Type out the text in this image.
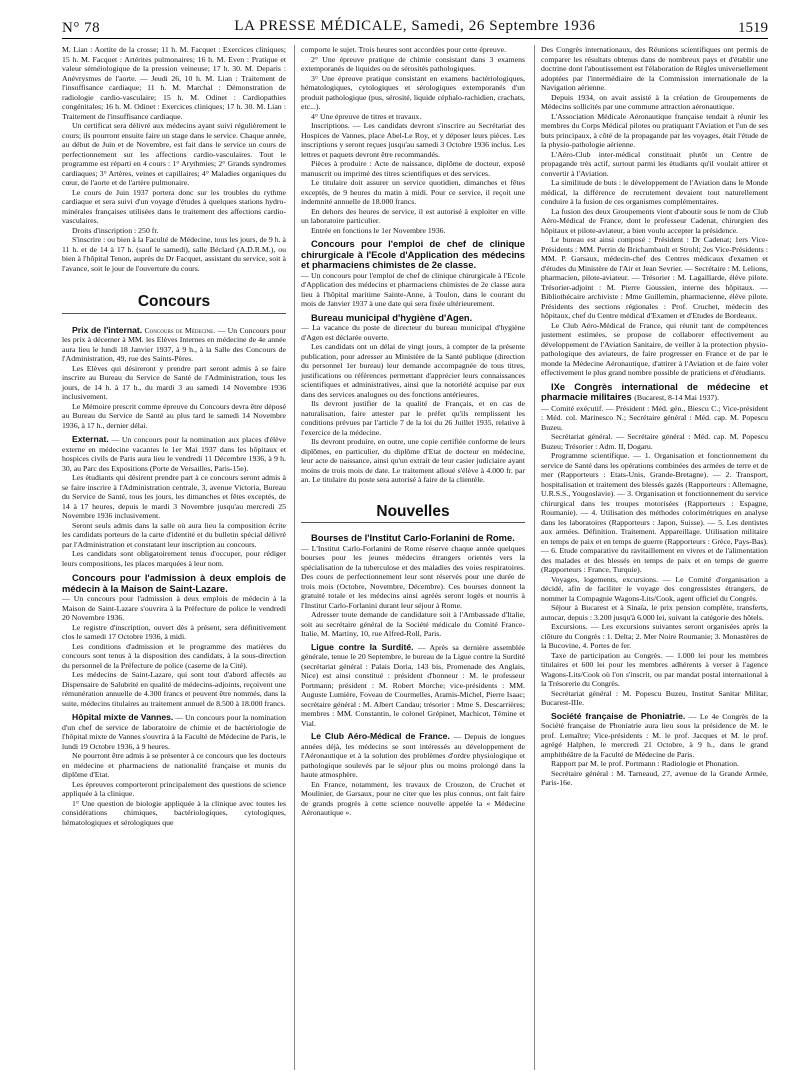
N° 78	LA PRESSE MÉDICALE, Samedi, 26 Septembre 1936	1519

M. Lian : Aortite de la crosse; 11 h. M. Facquet : Exercices cliniques; 15 h. M. Facquet : Artérites pulmonaires; 16 h. M. Even : Pratique et valeur séméiologique de la pression veineuse; 17 h. 30. M. Deparis : Anévrysmes de l'aorte. — Jeudi 26, 10 h. M. Lian : Traitement de l'insuffisance cardiaque; 11 h. M. Marchal : Démonstration de radiologie cardio-vasculaire; 15 h. M. Odinet : Cardiopathies congénitales; 16 h. M. Odinet : Exercices cliniques; 17 h. 30. M. Lian : Traitement de l'insuffisance cardiaque.

Un certificat sera délivré aux médecins ayant suivi régulièrement le cours; ils pourront ensuite faire un stage dans le service. Chaque année, au début de Juin et de Novembre, est fait dans le service un cours de perfectionnement sur les affections cardio-vasculaires. Tout le programme est réparti en 4 cours : 1° Arythmies; 2° Grands syndromes cardiaques; 3° Artères, veines et capillaires; 4° Maladies organiques du cœur, de l'aorte et de l'artère pulmonaire.

Le cours de Juin 1937 portera donc sur les troubles du rythme cardiaque et sera suivi d'un voyage d'études à quelques stations hydro-minérales françaises utilisées dans le traitement des affections cardio-vasculaires.

Droits d'inscription : 250 fr.

S'inscrire : ou bien à la Faculté de Médecine, tous les jours, de 9 h. à 11 h. et de 14 à 17 h. (sauf le samedi), salle Béclard (A.D.R.M.), ou bien à l'hôpital Tenon, auprès du Dr Facquet, assistant du service, soit à l'avance, soit le jour de l'ouverture du cours.

Concours

Prix de l'internat. Concours de Médecine. — Un Concours pour les prix à décerner à MM. les Elèves Internes en médecine de 4e année aura lieu le lundi 18 Janvier 1937, à 9 h., à la Salle des Concours de l'Administration, 49, rue des Saints-Pères.

Les Elèves qui désireront y prendre part seront admis à se faire inscrire au Bureau du Service de Santé de l'Administration, tous les jours, de 14 h. à 17 h., du mardi 3 au samedi 14 Novembre 1936 inclusivement.

Le Mémoire prescrit comme épreuve du Concours devra être déposé au Bureau du Service de Santé au plus tard le samedi 14 Novembre 1936, à 17 h., dernier délai.

Externat. — Un concours pour la nomination aux places d'élève externe en médecine vacantes le 1er Mai 1937 dans les hôpitaux et hospices civils de Paris aura lieu le vendredi 11 Décembre 1936, à 9 h. 30, au Parc des Expositions (Porte de Versailles, Paris-15e).

Les étudiants qui désirent prendre part à ce concours seront admis à se faire inscrire à l'Administration centrale, 3, avenue Victoria, Bureau du Service de Santé, tous les jours, les dimanches et fêtes exceptés, de 14 à 17 heures, depuis le mardi 3 Novembre jusqu'au mercredi 25 Novembre 1936 inclusivement.

Seront seuls admis dans la salle où aura lieu la composition écrite les candidats porteurs de la carte d'identité et du bulletin spécial délivré par l'Administration et constatant leur inscription au concours.

Les candidats sont obligatoirement tenus d'occuper, pour rédiger leurs compositions, les places marquées à leur nom.

Concours pour l'admission à deux emplois de médecin à la Maison de Saint-Lazare.

— Un concours pour l'admission à deux emplois de médecin à la Maison de Saint-Lazare s'ouvrira à la Préfecture de police le vendredi 20 Novembre 1936.

Le registre d'inscription, ouvert dès à présent, sera définitivement clos le samedi 17 Octobre 1936, à midi.

Les conditions d'admission et le programme des matières du concours sont tenus à la disposition des candidats, à la sous-direction du personnel de la Préfecture de police (caserne de la Cité).

Les médecins de Saint-Lazare, qui sont tout d'abord affectés au Dispensaire de Salubrité en qualité de médecins-adjoints, reçoivent une rémunération annuelle de 4.300 francs et peuvent être nommés, dans la suite, médecins titulaires au traitement annuel de 8.500 à 18.000 francs.

Hôpital mixte de Vannes. — Un concours pour la nomination d'un chef de service de laboratoire de chimie et de bactériologie de l'hôpital mixte de Vannes s'ouvrira à la Faculté de Médecine de Paris, le lundi 19 Octobre 1936, à 9 heures.

Ne pourront être admis à se présenter à ce concours que les docteurs en médecine et pharmaciens de nationalité française et munis du diplôme d'Etat.

Les épreuves comporteront principalement des questions de science appliquée à la clinique.

1° Une question de biologie appliquée à la clinique avec toutes les considérations chimiques, bactériologiques, cytologiques, hématologiques et sérologiques que

comporte le sujet. Trois heures sont accordées pour cette épreuve.

2° Une épreuve pratique de chimie consistant dans 3 examens extemporanés de liquides ou de sérosités pathologiques.

3° Une épreuve pratique consistant en examens bactériologiques, hématologiques, cytologiques et sérologiques extemporanés d'un produit pathologique (pus, sérosité, liquide céphalo-rachidien, crachats, etc...).

4° Une épreuve de titres et travaux.

Inscriptions. — Les candidats devront s'inscrire au Secrétariat des Hospices de Vannes, place Abel-Le Roy, et y déposer leurs pièces. Les inscriptions y seront reçues jusqu'au samedi 3 Octobre 1936 inclus. Les lettres et paquets devront être recommandés.

Pièces à produire : Acte de naissance, diplôme de docteur, exposé manuscrit ou imprimé des titres scientifiques et des services.

Le titulaire doit assurer un service quotidien, dimanches et fêtes exceptés, de 9 heures du matin à midi. Pour ce service, il reçoit une indemnité annuelle de 18.000 francs.

En dehors des heures de service, il est autorisé à exploiter en ville un laboratoire particulier.

Entrée en fonctions le 1er Novembre 1936.

Concours pour l'emploi de chef de clinique chirurgicale à l'Ecole d'Application des médecins et pharmaciens chimistes de 2e classe.

— Un concours pour l'emploi de chef de clinique chirurgicale à l'Ecole d'Application des médecins et pharmaciens chimistes de 2e classe aura lieu à l'hôpital maritime Sainte-Anne, à Toulon, dans le courant du mois de Janvier 1937 à une date qui sera fixée ultérieurement.

Bureau municipal d'hygiène d'Agen.

— La vacance du poste de directeur du bureau municipal d'hygiène d'Agen est déclarée ouverte.

Les candidats ont un délai de vingt jours, à compter de la présente publication, pour adresser au Ministère de la Santé publique (direction du personnel 1er bureau) leur demande accompagnée de tous titres, justifications ou références permettant d'apprécier leurs connaissances scientifiques et administratives, ainsi que la notoriété acquise par eux dans des services analogues ou des fonctions antérieures.

Ils devront justifier de la qualité de Français, et en cas de naturalisation, faire attester par le préfet qu'ils remplissent les conditions prévues par l'article 7 de la loi du 26 Juillet 1935, relative à l'exercice de la médecine.

Ils devront produire, en outre, une copie certifiée conforme de leurs diplômes, en particulier, du diplôme d'Etat de docteur en médecine, leur acte de naissance, ainsi qu'un extrait de leur casier judiciaire ayant moins de trois mois de date. Le traitement alloué s'élève à 4.000 fr. par an. Le titulaire du poste sera autorisé à faire de la clientèle.

Nouvelles

Bourses de l'Institut Carlo-Forlanini de Rome.

— L'Institut Carlo-Forlanini de Rome réserve chaque année quelques bourses pour les jeunes médecins étrangers orientés vers la spécialisation de la tuberculose et des maladies des voies respiratoires. Des cours de perfectionnement leur sont réservés pour une durée de trois mois (Octobre, Novembre, Décembre). Ces bourses donnent la gratuité totale et les médecins ainsi agréés seront logés et nourris à l'Institut Carlo-Forlanini durant leur séjour à Rome.

Adresser toute demande de candidature soit à l'Ambassade d'Italie, soit au secrétaire général de la Société médicale du Comité France-Italie, M. Martiny, 10, rue Alfred-Roll, Paris.

Ligue contre la Surdité. — Après sa dernière assemblée générale, tenue le 20 Septembre, le bureau de la Ligue contre la Surdité (secrétariat général : Palais Doria, 143 bis, Promenade des Anglais, Nice) est ainsi constitué : président d'honneur : M. le professeur Portmann; président : M. Robert Morche; vice-présidents : MM. Auguste Lumière, Foveau de Courmelles, Aramis-Michel, Pierre Isaac; secrétaire général : M. Albert Candau; trésorier : Mme S. Descarrières; membres : MM. Constantin, le colonel Grépinet, Machicot, Témine et Vial.

Le Club Aéro-Médical de France. — Depuis de longues années déjà, les médecins se sont intéressés au développement de l'Aéronautique et à la solution des problèmes d'ordre physiologique et pathologique soulevés par le séjour plus ou moins prolongé dans la haute atmosphère.

En France, notamment, les travaux de Crouzon, de Cruchet et Moulinier, de Garsaux, pour ne citer que les plus connus, ont fait faire de grands progrès à cette science nouvelle appelée la « Médecine Aéronautique ».

Des Congrès internationaux, des Réunions scientifiques ont permis de comparer les résultats obtenus dans de nombreux pays et d'établir une doctrine dont l'aboutissement est l'élaboration de Règles universellement adoptées par l'intermédiaire de la Commission internationale de la Navigation aérienne.

Depuis 1934, on avait assisté à la création de Groupements de Médecins sollicités par une commune attraction aéronautique.

L'Association Médicale Aéronautique française tendait à réunir les membres du Corps Médical pilotes ou pratiquant l'Aviation et l'un de ses buts principaux, à côté de la propagande par les voyages, était l'étude de la physio-pathologie aérienne.

L'Aéro-Club inter-médical constituait plutôt un Centre de propagande très actif, surtout parmi les étudiants qu'il voulait attirer et convertir à l'Aviation.

La similitude de buts : le développement de l'Aviation dans le Monde médical, la différence de recrutement devaient tout naturellement conduire à la fusion de ces organismes complémentaires.

La fusion des deux Groupements vient d'aboutir sous le nom de Club Aéro-Médical de France, dont le professeur Cadenat, chirurgien des hôpitaux et pilote-aviateur, a bien voulu accepter la présidence.

Le bureau est ainsi composé : Président : Dr Cadenat; 1ers Vice-Présidents : MM. Perrin de Brichambault et Strohl; 2es Vice-Présidents : MM. P. Garsaux, médecin-chef des Centres médicaux d'examen et d'études du Ministère de l'Air et Jean Sevrier. — Secrétaire : M. Lelions, pharmacien, pilote-aviateur. — Trésorier : M. Lagaillarde, élève pilote. Trésorier-adjoint : M. Pierre Goussien, interne des hôpitaux. — Bibliothécaire archiviste : Mme Guillemin, pharmacienne, élève pilote. Présidents des sections régionales : Prof. Cruchet, médecin des hôpitaux, chef du Centre médical d'Examen et d'Etudes de Bordeaux.

Le Club Aéro-Médical de France, qui réunit tant de compétences justement estimées, se propose de collaborer effectivement au développement de l'Aviation Sanitaire, de veiller à la protection physio-pathologique des aviateurs, de faire progresser en France et de par le monde la Médecine Aéronautique, d'attirer à l'Aviation et de faire voler effectivement le plus grand nombre possible de praticiens et d'étudiants.

IXe Congrès international de médecine et pharmacie militaires (Bucarest, 8-14 Mai 1937).

— Comité exécutif. — Président : Méd. gén., Biescu C.; Vice-président : Méd. col. Marinesco N.; Secrétaire général : Méd. cap. M. Popescu Buzeu.

Secrétariat général. — Secrétaire général : Méd. cap. M. Popescu Buzeu; Trésorier : Adm. II, Dogaru.

Programme scientifique. — 1. Organisation et fonctionnement du service de Santé dans les opérations combinées des armées de terre et de mer (Rapporteurs : Etats-Unis, Grande-Bretagne). — 2. Transport, hospitalisation et traitement des blessés gazés (Rapporteurs : Allemagne, U.R.S.S., Yougoslavie). — 3. Organisation et fonctionnement du service chirurgical dans les troupes motorisées (Rapporteurs : Espagne, Roumanie). — 4. Utilisation des méthodes colorimétriques en analyse dans les laboratoires (Rapporteurs : Japon, Suisse). — 5. Les dentistes aux armées. Définition. Traitement. Appareillage. Utilisation militaire en temps de paix et en temps de guerre (Rapporteurs : Grèce, Pays-Bas). — 6. Etude comparative du ravitaillement en vivres et de l'alimentation des malades et des blessés en temps de paix et en temps de guerre (Rapporteurs : France, Turquie).

Voyages, logements, excursions. — Le Comité d'organisation a décidé, afin de faciliter le voyage des congressistes étrangers, de nommer la Compagnie Wagons-Lits/Cook, agent officiel du Congrès.

Séjour à Bucarest et à Sinaïa, le prix pension complète, transferts, autocar, depuis : 3.200 jusqu'à 6.000 lei, suivant la catégorie des hôtels.

Excursions. — Les excursions suivantes seront organisées après la clôture du Congrès : 1. Delta; 2. Mer Noire Roumanie; 3. Monastères de la Bucovine, 4. Portes de fer.

Taxe de participation au Congrès. — 1.000 lei pour les membres titulaires et 600 lei pour les membres adhérents à verser à l'agence Wagons-Lits/Cook où l'on s'inscrit, ou par mandat postal international à la Trésorerie du Congrès.

Secrétariat général : M. Popescu Buzeu, Institut Sanitar Militar, Bucarest-IIIe.

Société française de Phoniatrie. — Le 4e Congrès de la Société française de Phoniatrie aura lieu sous la présidence de M. le prof. Lemaître; Vice-présidents : M. le prof. Jacques et M. le prof. agrégé Halphen, le mercredi 21 Octobre, à 9 h., dans le grand amphithéâtre de la Faculté de Médecine de Paris.

Rapport par M. le prof. Portmann : Radiologie et Phonation.

Secrétaire général : M. Tarneaud, 27, avenue de la Grande Armée, Paris-16e.
